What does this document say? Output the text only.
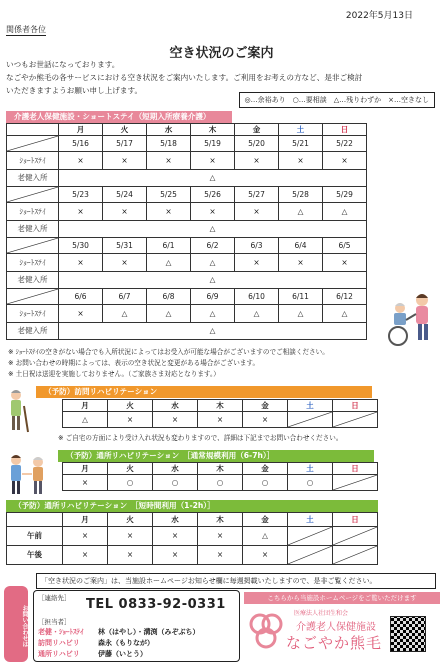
2022年5月13日
関係者各位
空き状況のご案内
いつもお世話になっております。
なごやか熊毛の各サービスにおける空き状況をご案内いたします。ご利用をお考えの方など、是非ご検討
いただきますようお願い申し上げます。
◎…余裕あり　○…要相談　△…残りわずか　×…空きなし
介護老人保健施設・ショートステイ（短期入所療養介護）
	月	火	水	木	金	土	日

	5/16	5/17	5/18	5/19	5/20	5/21	5/22
ｼｮｰﾄｽﾃｲ	×	×	×	×	×	×	×
老健入所	△						

	5/23	5/24	5/25	5/26	5/27	5/28	5/29
ｼｮｰﾄｽﾃｲ	×	×	×	×	×	△	△
老健入所	△						

	5/30	5/31	6/1	6/2	6/3	6/4	6/5
ｼｮｰﾄｽﾃｲ	×	×	△	△	×	×	×
老健入所	△						

	6/6	6/7	6/8	6/9	6/10	6/11	6/12
ｼｮｰﾄｽﾃｲ	×	△	△	△	△	△	△
老健入所	△						
※ ｼｮｰﾄｽﾃｲの空きがない場合でも入所状況によってはお受入が可能な場合がございますのでご相談ください。
※ お問い合わせの時期によっては、表示の空き状況と変更がある場合がございます。
※ 土日祝は送迎を実施しておりません。（ご家族さま対応となります。）
（予防）訪問リハビリテーション
月	火	水	木	金	土	日
△	×	×	×	×	

※ ご自宅の方面により受け入れ状況も変わりますので、詳細は下記までお問い合わせください。
（予防）通所リハビリテーション　［通常規模利用（6-7h）］
月	火	水	木	金	土	日
×	○	○	○	○	○	
（予防）通所リハビリテーション　［短時間利用（1-2h）］
	月	火	水	木	金	土	日
午前	×	×	×	×	△	

午後	×	×	×	×	×	

「空き状況のご案内」は、当施設ホームページお知らせ欄に毎週掲載いたしますので、是非ご覧ください。
お問い合わせは
［連絡先］	TEL 0833-92-0331
［担当者］
老健・ｼｮｰﾄｽﾃｲ 林（はやし）・溝渕（みぞぶち）
訪問リハビリ	森永（もりなが）
通所リハビリ	伊藤（いとう）
こちらから当施設ホームページをご覧いただけます
医療法人社団生和会
介護老人保健施設
なごやか熊毛
